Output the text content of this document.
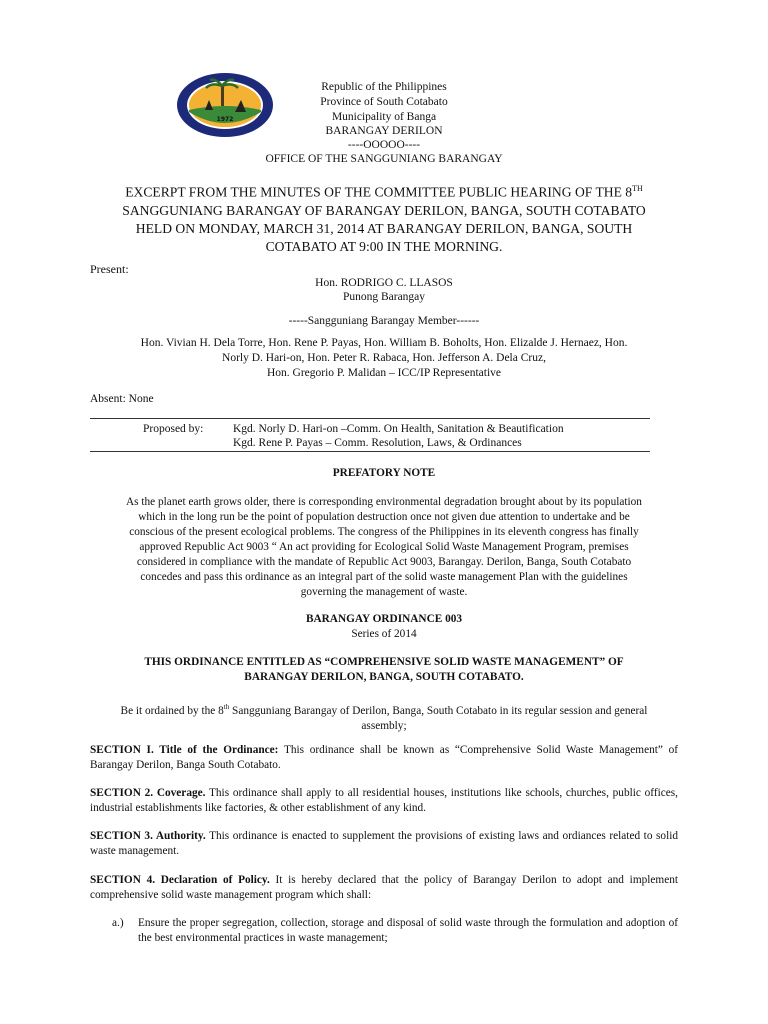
1972
Republic of the Philippines
Province of South Cotabato
Municipality of Banga
BARANGAY DERILON
----OOOOO----
OFFICE OF THE SANGGUNIANG BARANGAY
EXCERPT FROM THE MINUTES OF THE COMMITTEE PUBLIC HEARING OF THE 8TH
SANGGUNIANG BARANGAY OF BARANGAY DERILON, BANGA, SOUTH COTABATO
HELD ON MONDAY, MARCH 31, 2014 AT BARANGAY DERILON, BANGA, SOUTH
COTABATO AT 9:00 IN THE MORNING.
Present:
Hon. RODRIGO C. LLASOS
Punong Barangay
-----Sangguniang Barangay Member------
Hon. Vivian H. Dela Torre, Hon. Rene P. Payas, Hon. William B. Boholts, Hon. Elizalde J. Hernaez, Hon.
Norly D. Hari-on, Hon. Peter R. Rabaca, Hon. Jefferson A. Dela Cruz,
Hon. Gregorio P. Malidan – ICC/IP Representative
Absent: None
Proposed by:	Kgd. Norly D. Hari-on –Comm. On Health, Sanitation & Beautification
Kgd. Rene P. Payas – Comm. Resolution, Laws, & Ordinances
PREFATORY NOTE
As the planet earth grows older, there is corresponding environmental degradation brought about by its population
which in the long run be the point of population destruction once not given due attention to undertake and be
conscious of the present ecological problems. The congress of the Philippines in its eleventh congress has finally
approved Republic Act 9003 “ An act providing for Ecological Solid Waste Management Program, premises
considered in compliance with the mandate of Republic Act 9003, Barangay. Derilon, Banga, South Cotabato
concedes and pass this ordinance as an integral part of the solid waste management Plan with the guidelines
governing the management of waste.
BARANGAY ORDINANCE 003
Series of 2014
THIS ORDINANCE ENTITLED AS “COMPREHENSIVE SOLID WASTE MANAGEMENT” OF
BARANGAY DERILON, BANGA, SOUTH COTABATO.
Be it ordained by the 8th Sangguniang Barangay of Derilon, Banga, South Cotabato in its regular session and general
assembly;
SECTION I. Title of the Ordinance: This ordinance shall be known as “Comprehensive Solid Waste Management” of Barangay Derilon, Banga South Cotabato.
SECTION 2. Coverage. This ordinance shall apply to all residential houses, institutions like schools, churches, public offices, industrial establishments like factories, & other establishment of any kind.
SECTION 3. Authority. This ordinance is enacted to supplement the provisions of existing laws and ordiances related to solid waste management.
SECTION 4. Declaration of Policy. It is hereby declared that the policy of Barangay Derilon to adopt and implement comprehensive solid waste management program which shall:
a.) Ensure the proper segregation, collection, storage and disposal of solid waste through the formulation and adoption of the best environmental practices in waste management;
